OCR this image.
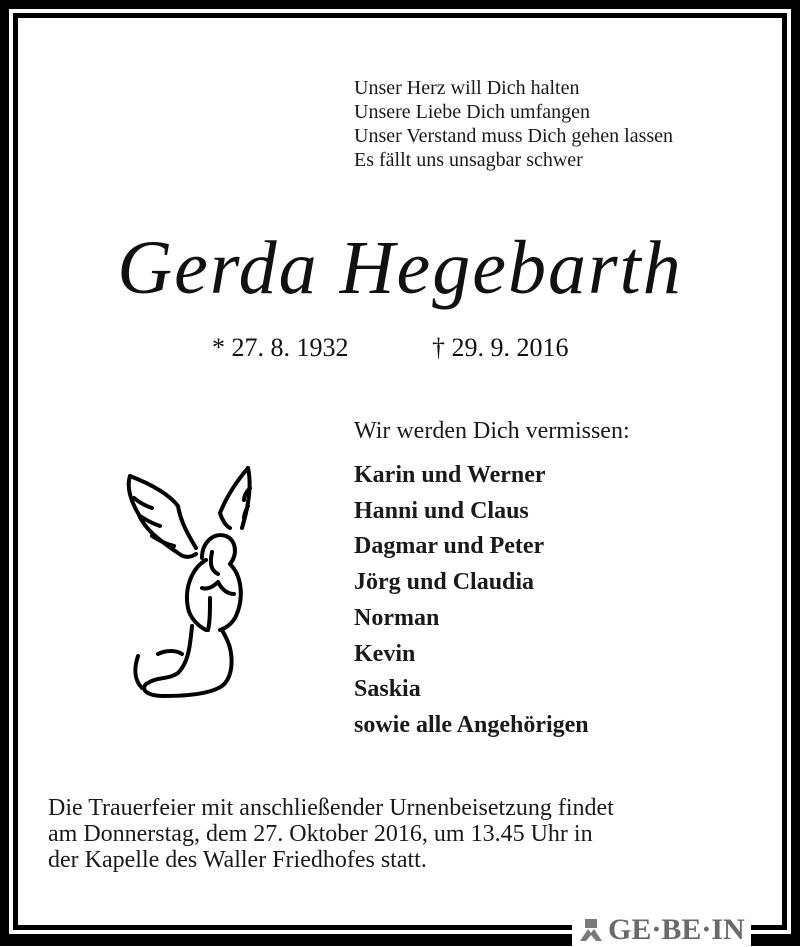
Unser Herz will Dich halten
Unsere Liebe Dich umfangen
Unser Verstand muss Dich gehen lassen
Es fällt uns unsagbar schwer
Gerda Hegebarth
* 27. 8. 1932	† 29. 9. 2016
Wir werden Dich vermissen:
Karin und Werner
Hanni und Claus
Dagmar und Peter
Jörg und Claudia
Norman
Kevin
Saskia
sowie alle Angehörigen
Die Trauerfeier mit anschließender Urnenbeisetzung findet
am Donnerstag, dem 27. Oktober 2016, um 13.45 Uhr in
der Kapelle des Waller Friedhofes statt.
GE·BE·IN
